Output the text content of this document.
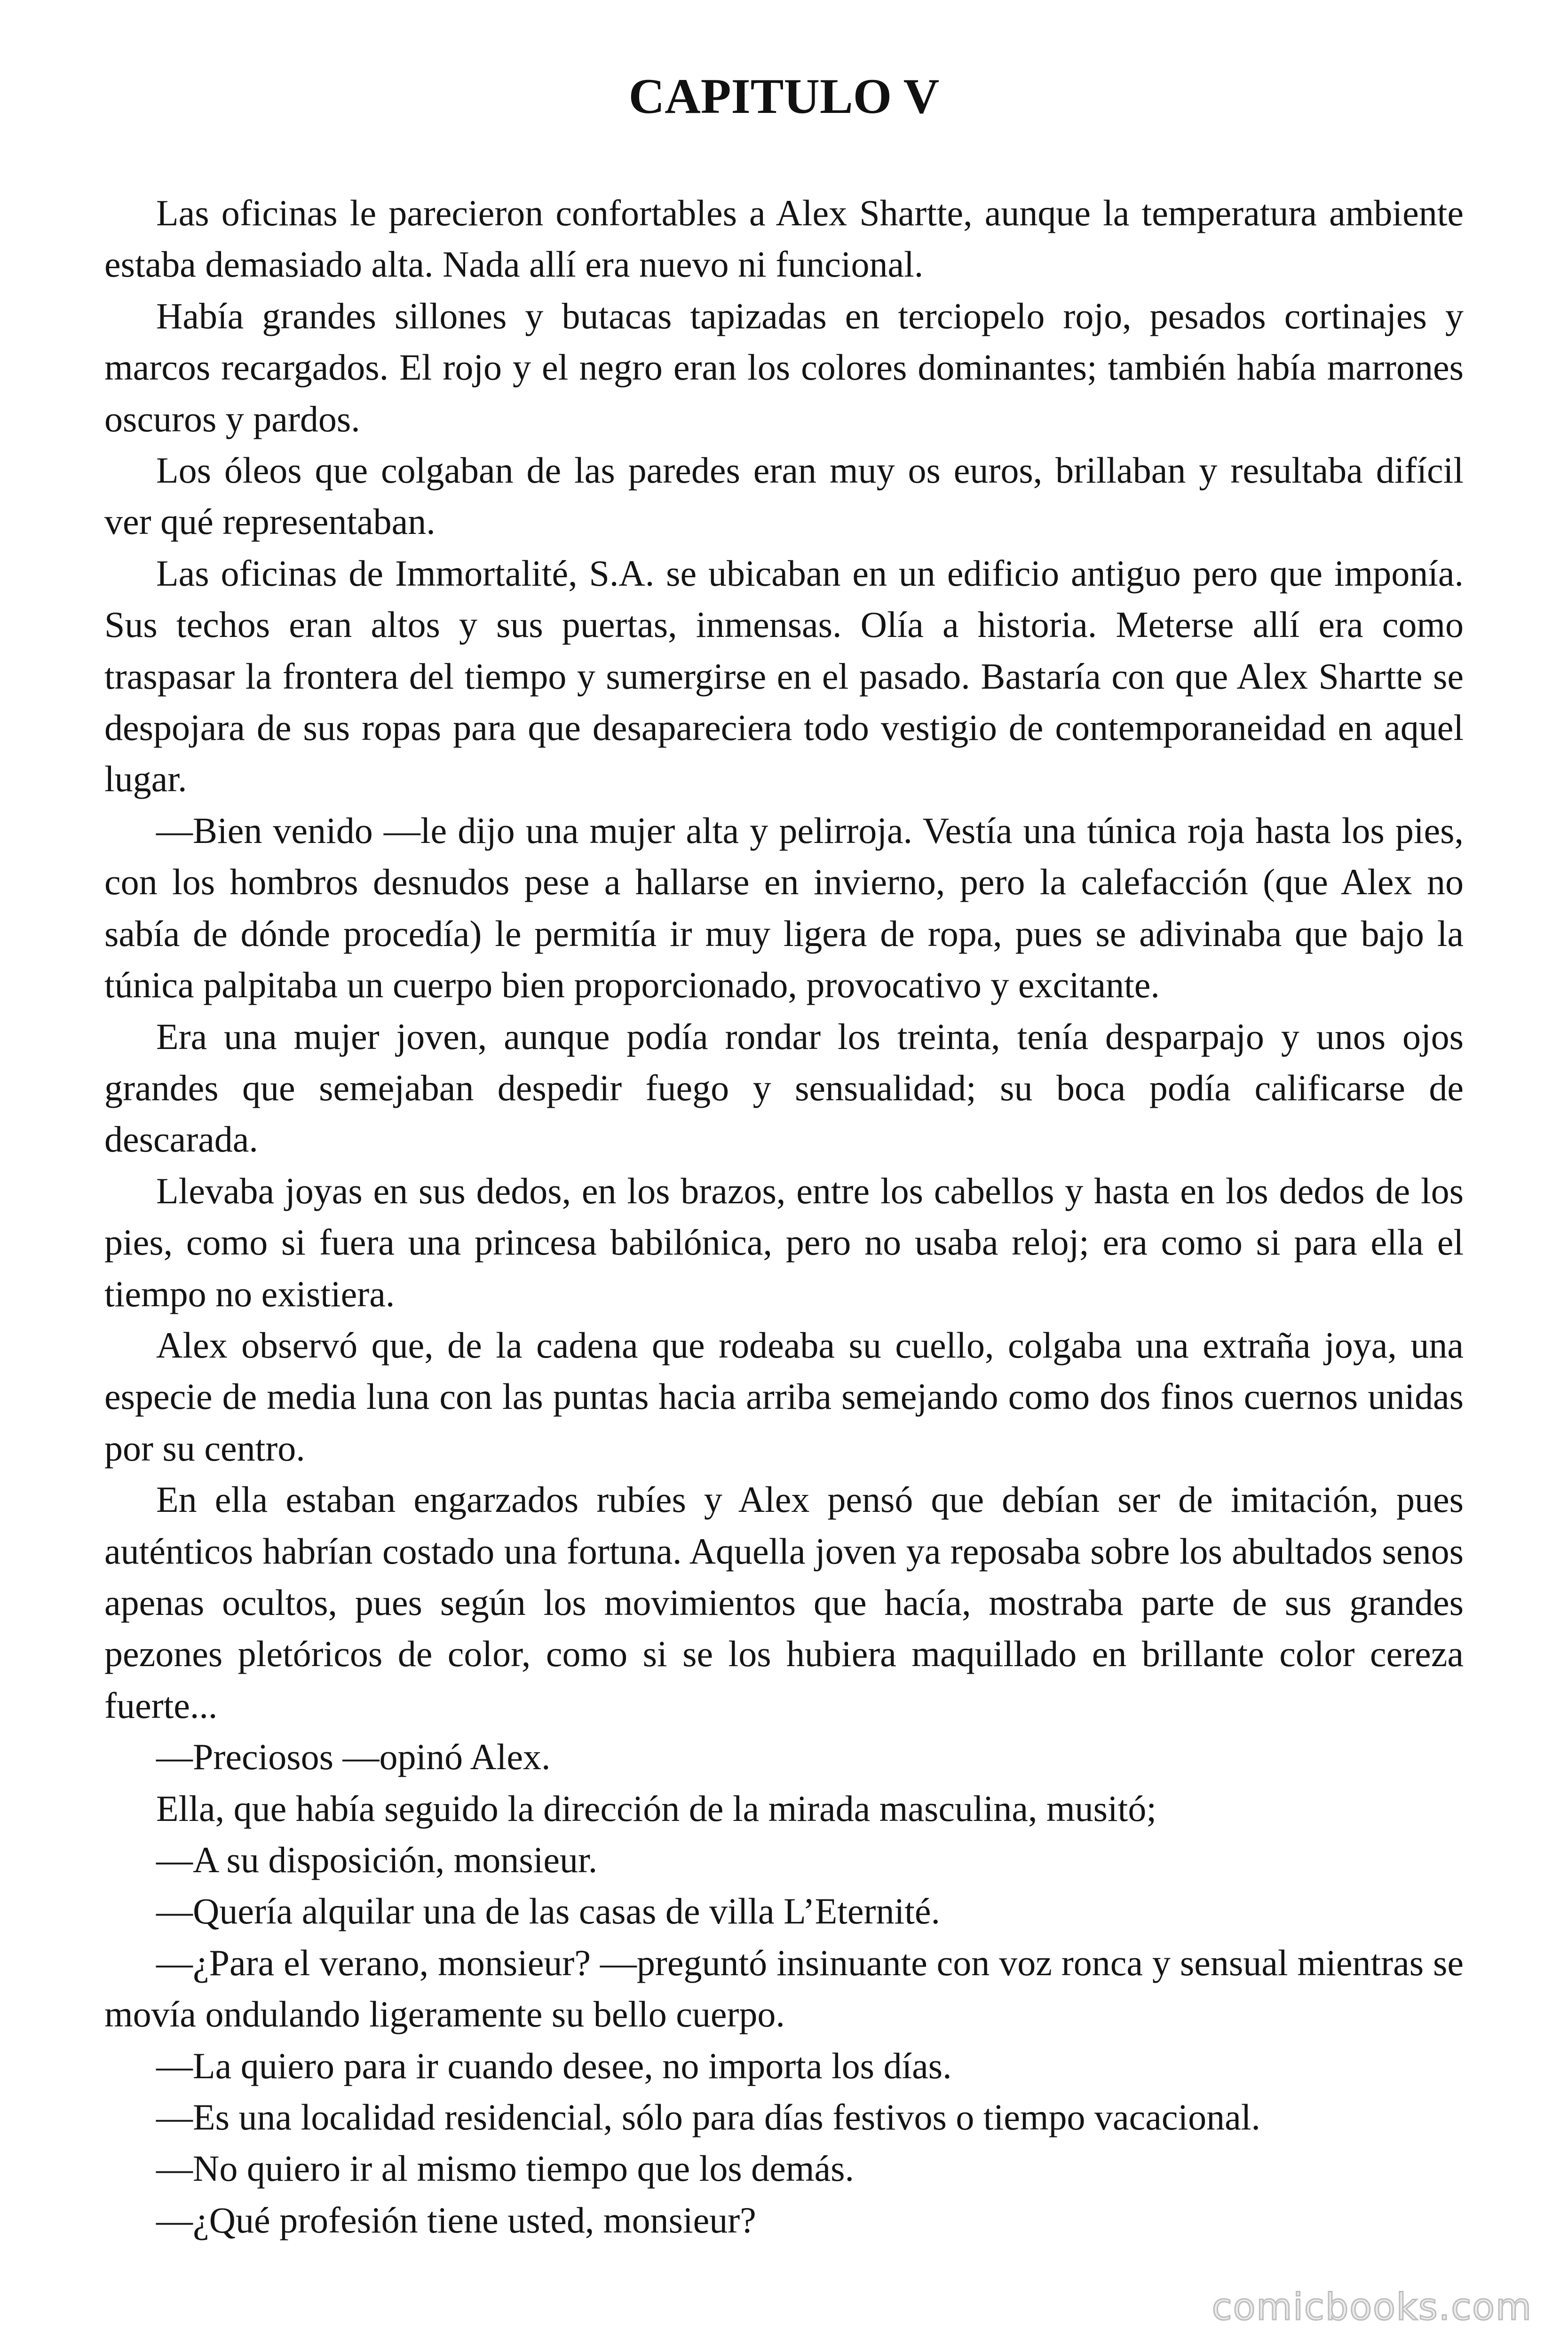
CAPITULO V

Las oficinas le parecieron confortables a Alex Shartte, aunque la temperatura ambiente estaba demasiado alta. Nada allí era nuevo ni funcional.

Había grandes sillones y butacas tapizadas en terciopelo rojo, pesados cortinajes y marcos recargados. El rojo y el negro eran los colores dominantes; también había marrones oscuros y pardos.

Los óleos que colgaban de las paredes eran muy os euros, brillaban y resultaba difícil ver qué representaban.

Las oficinas de Immortalité, S.A. se ubicaban en un edificio antiguo pero que imponía. Sus techos eran altos y sus puertas, inmensas. Olía a historia. Meterse allí era como traspasar la frontera del tiempo y sumergirse en el pasado. Bastaría con que Alex Shartte se despojara de sus ropas para que desapareciera todo vestigio de contemporaneidad en aquel lugar.

—Bien venido —le dijo una mujer alta y pelirroja. Vestía una túnica roja hasta los pies, con los hombros desnudos pese a hallarse en invierno, pero la calefacción (que Alex no sabía de dónde procedía) le permitía ir muy ligera de ropa, pues se adivinaba que bajo la túnica palpitaba un cuerpo bien proporcionado, provocativo y excitante.

Era una mujer joven, aunque podía rondar los treinta, tenía desparpajo y unos ojos grandes que semejaban despedir fuego y sensualidad; su boca podía calificarse de descarada.

Llevaba joyas en sus dedos, en los brazos, entre los cabellos y hasta en los dedos de los pies, como si fuera una princesa babilónica, pero no usaba reloj; era como si para ella el tiempo no existiera.

Alex observó que, de la cadena que rodeaba su cuello, colgaba una extraña joya, una especie de media luna con las puntas hacia arriba semejando como dos finos cuernos unidas por su centro.

En ella estaban engarzados rubíes y Alex pensó que debían ser de imitación, pues auténticos habrían costado una fortuna. Aquella joven ya reposaba sobre los abultados senos apenas ocultos, pues según los movimientos que hacía, mostraba parte de sus grandes pezones pletóricos de color, como si se los hubiera maquillado en brillante color cereza fuerte...

—Preciosos —opinó Alex.

Ella, que había seguido la dirección de la mirada masculina, musitó;

—A su disposición, monsieur.

—Quería alquilar una de las casas de villa L’Eternité.

—¿Para el verano, monsieur? —preguntó insinuante con voz ronca y sensual mientras se movía ondulando ligeramente su bello cuerpo.

—La quiero para ir cuando desee, no importa los días.

—Es una localidad residencial, sólo para días festivos o tiempo vacacional.

—No quiero ir al mismo tiempo que los demás.

—¿Qué profesión tiene usted, monsieur?

comicbooks.com
